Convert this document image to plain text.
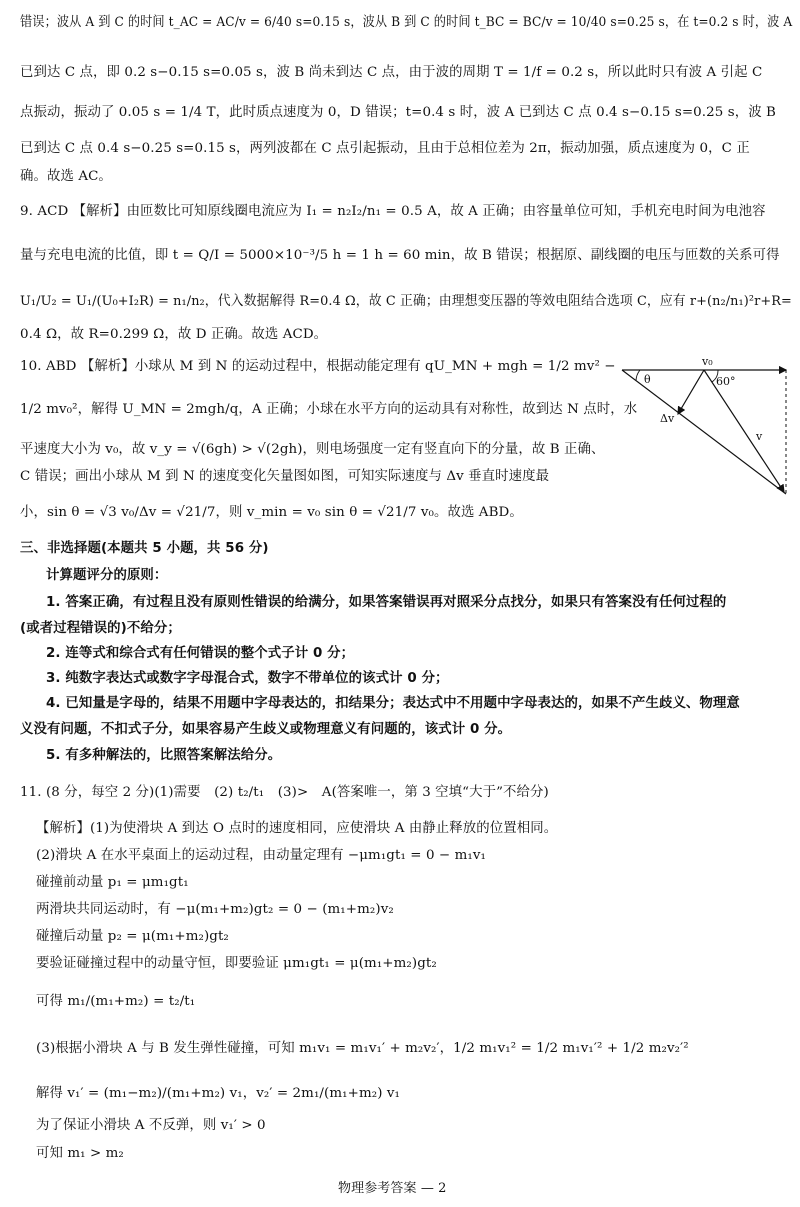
错误；波从 A 到 C 的时间 t_AC = AC/v = 6/40 s=0.15 s，波从 B 到 C 的时间 t_BC = BC/v = 10/40 s=0.25 s，在 t=0.2 s 时，波 A
已到达 C 点，即 0.2 s−0.15 s=0.05 s，波 B 尚未到达 C 点，由于波的周期 T = 1/f = 0.2 s，所以此时只有波 A 引起 C
点振动，振动了 0.05 s = 1/4 T，此时质点速度为 0，D 错误；t=0.4 s 时，波 A 已到达 C 点 0.4 s−0.15 s=0.25 s，波 B
已到达 C 点 0.4 s−0.25 s=0.15 s，两列波都在 C 点引起振动，且由于总相位差为 2π，振动加强，质点速度为 0，C 正
确。故选 AC。
9. ACD 【解析】由匝数比可知原线圈电流应为 I₁ = n₂I₂/n₁ = 0.5 A，故 A 正确；由容量单位可知，手机充电时间为电池容
量与充电电流的比值，即 t = Q/I = 5000×10⁻³/5 h = 1 h = 60 min，故 B 错误；根据原、副线圈的电压与匝数的关系可得
U₁/U₂ = U₁/(U₀+I₂R) = n₁/n₂，代入数据解得 R=0.4 Ω，故 C 正确；由理想变压器的等效电阻结合选项 C，应有 r+(n₂/n₁)²r+R=
0.4 Ω，故 R=0.299 Ω，故 D 正确。故选 ACD。
10. ABD 【解析】小球从 M 到 N 的运动过程中，根据动能定理有 qU_MN + mgh = 1/2 mv² −
1/2 mv₀²，解得 U_MN = 2mgh/q，A 正确；小球在水平方向的运动具有对称性，故到达 N 点时，水
平速度大小为 v₀，故 v_y = √(6gh) > √(2gh)，则电场强度一定有竖直向下的分量，故 B 正确、
C 错误；画出小球从 M 到 N 的速度变化矢量图如图，可知实际速度与 Δv 垂直时速度最
小，sin θ = √3 v₀/Δv = √21/7，则 v_min = v₀ sin θ = √21/7 v₀。故选 ABD。
v₀
θ	60°
Δv
v
三、非选择题(本题共 5 小题，共 56 分)
计算题评分的原则：
1. 答案正确，有过程且没有原则性错误的给满分，如果答案错误再对照采分点找分，如果只有答案没有任何过程的
(或者过程错误的)不给分；
2. 连等式和综合式有任何错误的整个式子计 0 分；
3. 纯数字表达式或数字字母混合式，数字不带单位的该式计 0 分；
4. 已知量是字母的，结果不用题中字母表达的，扣结果分；表达式中不用题中字母表达的，如果不产生歧义、物理意
义没有问题，不扣式子分，如果容易产生歧义或物理意义有问题的，该式计 0 分。
5. 有多种解法的，比照答案解法给分。
11. (8 分，每空 2 分)(1)需要　(2) t₂/t₁　(3)>　A(答案唯一，第 3 空填“大于”不给分)
【解析】(1)为使滑块 A 到达 O 点时的速度相同，应使滑块 A 由静止释放的位置相同。
(2)滑块 A 在水平桌面上的运动过程，由动量定理有 −μm₁gt₁ = 0 − m₁v₁
碰撞前动量 p₁ = μm₁gt₁
两滑块共同运动时，有 −μ(m₁+m₂)gt₂ = 0 − (m₁+m₂)v₂
碰撞后动量 p₂ = μ(m₁+m₂)gt₂
要验证碰撞过程中的动量守恒，即要验证 μm₁gt₁ = μ(m₁+m₂)gt₂
可得 m₁/(m₁+m₂) = t₂/t₁
(3)根据小滑块 A 与 B 发生弹性碰撞，可知 m₁v₁ = m₁v₁′ + m₂v₂′，1/2 m₁v₁² = 1/2 m₁v₁′² + 1/2 m₂v₂′²
解得 v₁′ = (m₁−m₂)/(m₁+m₂) v₁，v₂′ = 2m₁/(m₁+m₂) v₁
为了保证小滑块 A 不反弹，则 v₁′ > 0
可知 m₁ > m₂
物理参考答案 — 2
